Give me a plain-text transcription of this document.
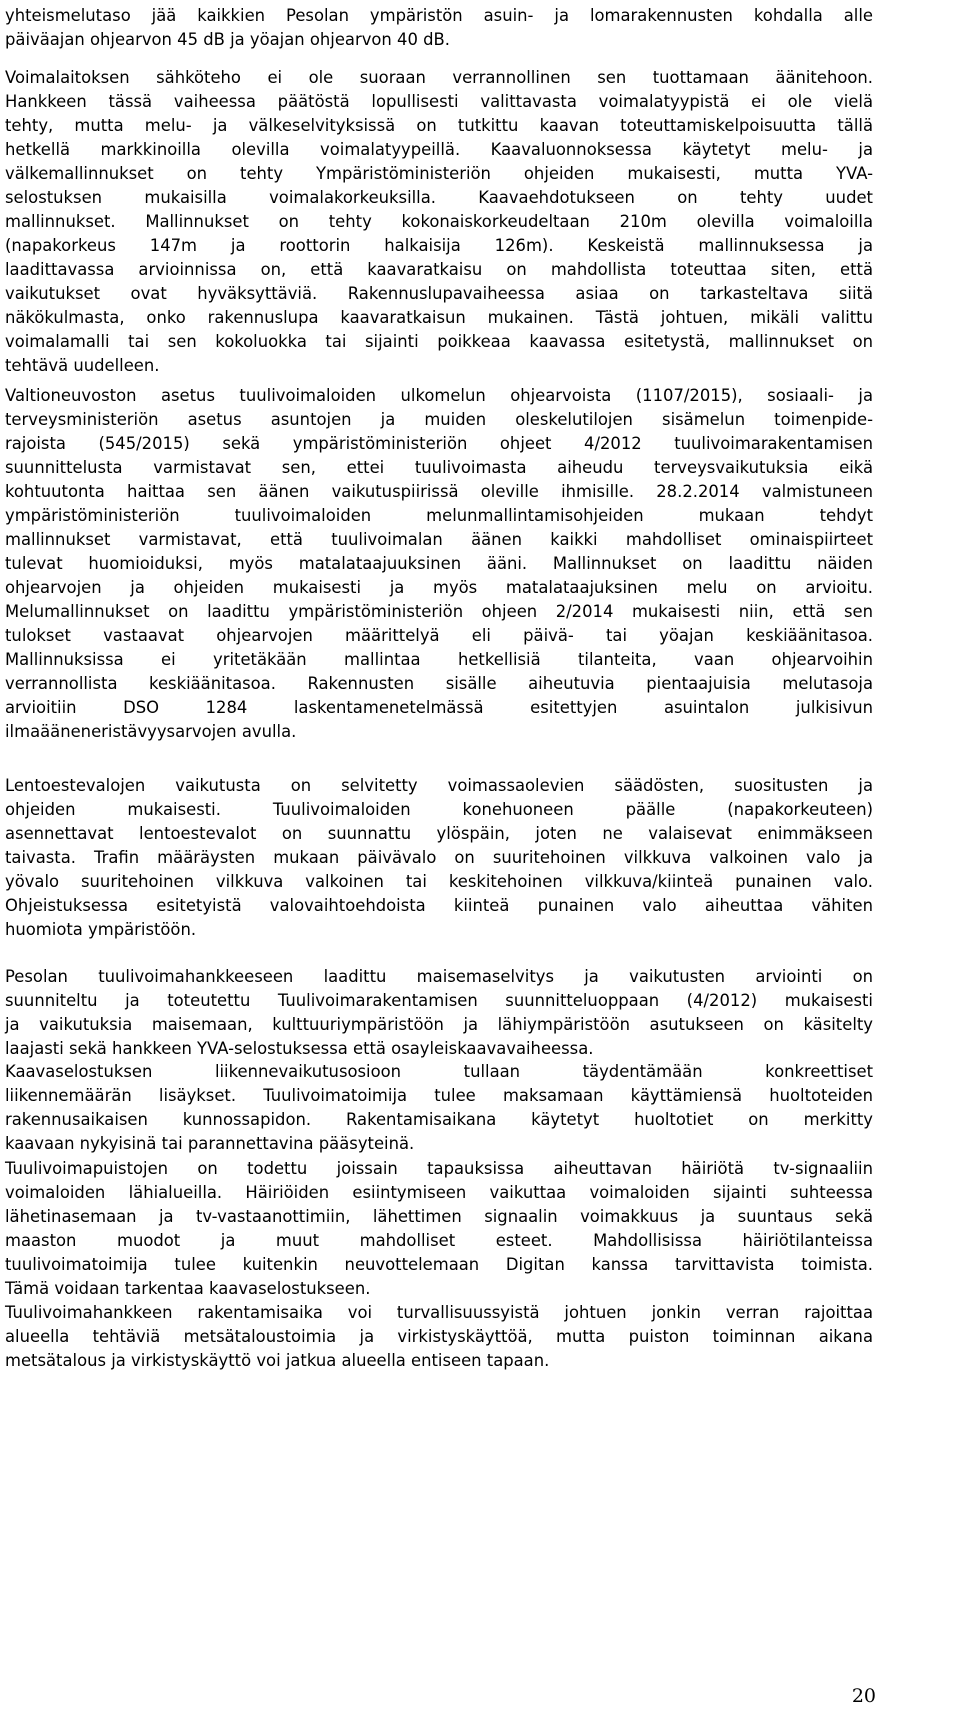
yhteismelutaso jää kaikkien Pesolan ympäristön asuin- ja lomarakennusten kohdalla alle
päiväajan ohjearvon 45 dB ja yöajan ohjearvon 40 dB.
Voimalaitoksen sähköteho ei ole suoraan verrannollinen sen tuottamaan äänitehoon.
Hankkeen tässä vaiheessa päätöstä lopullisesti valittavasta voimalatyypistä ei ole vielä
tehty, mutta melu- ja välkeselvityksissä on tutkittu kaavan toteuttamiskelpoisuutta tällä
hetkellä markkinoilla olevilla voimalatyypeillä. Kaavaluonnoksessa käytetyt melu- ja
välkemallinnukset on tehty Ympäristöministeriön ohjeiden mukaisesti, mutta YVA-
selostuksen mukaisilla voimalakorkeuksilla. Kaavaehdotukseen on tehty uudet
mallinnukset. Mallinnukset on tehty kokonaiskorkeudeltaan 210m olevilla voimaloilla
(napakorkeus 147m ja roottorin halkaisija 126m). Keskeistä mallinnuksessa ja
laadittavassa arvioinnissa on, että kaavaratkaisu on mahdollista toteuttaa siten, että
vaikutukset ovat hyväksyttäviä. Rakennuslupavaiheessa asiaa on tarkasteltava siitä
näkökulmasta, onko rakennuslupa kaavaratkaisun mukainen. Tästä johtuen, mikäli valittu
voimalamalli tai sen kokoluokka tai sijainti poikkeaa kaavassa esitetystä, mallinnukset on
tehtävä uudelleen.
Valtioneuvoston asetus tuulivoimaloiden ulkomelun ohjearvoista (1107/2015), sosiaali- ja
terveysministeriön asetus asuntojen ja muiden oleskelutilojen sisämelun toimenpide-
rajoista (545/2015) sekä ympäristöministeriön ohjeet 4/2012 tuulivoimarakentamisen
suunnittelusta varmistavat sen, ettei tuulivoimasta aiheudu terveysvaikutuksia eikä
kohtuutonta haittaa sen äänen vaikutuspiirissä oleville ihmisille. 28.2.2014 valmistuneen
ympäristöministeriön tuulivoimaloiden melunmallintamisohjeiden mukaan tehdyt
mallinnukset varmistavat, että tuulivoimalan äänen kaikki mahdolliset ominaispiirteet
tulevat huomioiduksi, myös matalataajuuksinen ääni. Mallinnukset on laadittu näiden
ohjearvojen ja ohjeiden mukaisesti ja myös matalataajuksinen melu on arvioitu.
Melumallinnukset on laadittu ympäristöministeriön ohjeen 2/2014 mukaisesti niin, että sen
tulokset vastaavat ohjearvojen määrittelyä eli päivä- tai yöajan keskiäänitasoa.
Mallinnuksissa ei yritetäkään mallintaa hetkellisiä tilanteita, vaan ohjearvoihin
verrannollista keskiäänitasoa. Rakennusten sisälle aiheutuvia pientaajuisia melutasoja
arvioitiin DSO 1284 laskentamenetelmässä esitettyjen asuintalon julkisivun
ilmaääneneristävyysarvojen avulla.
Lentoestevalojen vaikutusta on selvitetty voimassaolevien säädösten, suositusten ja
ohjeiden mukaisesti. Tuulivoimaloiden konehuoneen päälle (napakorkeuteen)
asennettavat lentoestevalot on suunnattu ylöspäin, joten ne valaisevat enimmäkseen
taivasta. Trafin määräysten mukaan päivävalo on suuritehoinen vilkkuva valkoinen valo ja
yövalo suuritehoinen vilkkuva valkoinen tai keskitehoinen vilkkuva/kiinteä punainen valo.
Ohjeistuksessa esitetyistä valovaihtoehdoista kiinteä punainen valo aiheuttaa vähiten
huomiota ympäristöön.
Pesolan tuulivoimahankkeeseen laadittu maisemaselvitys ja vaikutusten arviointi on
suunniteltu ja toteutettu Tuulivoimarakentamisen suunnitteluoppaan (4/2012) mukaisesti
ja vaikutuksia maisemaan, kulttuuriympäristöön ja lähiympäristöön asutukseen on käsitelty
laajasti sekä hankkeen YVA-selostuksessa että osayleiskaavavaiheessa.
Kaavaselostuksen liikennevaikutusosioon tullaan täydentämään konkreettiset
liikennemäärän lisäykset. Tuulivoimatoimija tulee maksamaan käyttämiensä huoltoteiden
rakennusaikaisen kunnossapidon. Rakentamisaikana käytetyt huoltotiet on merkitty
kaavaan nykyisinä tai parannettavina pääsyteinä.
Tuulivoimapuistojen on todettu joissain tapauksissa aiheuttavan häiriötä tv-signaaliin
voimaloiden lähialueilla. Häiriöiden esiintymiseen vaikuttaa voimaloiden sijainti suhteessa
lähetinasemaan ja tv-vastaanottimiin, lähettimen signaalin voimakkuus ja suuntaus sekä
maaston muodot ja muut mahdolliset esteet. Mahdollisissa häiriötilanteissa
tuulivoimatoimija tulee kuitenkin neuvottelemaan Digitan kanssa tarvittavista toimista.
Tämä voidaan tarkentaa kaavaselostukseen.
Tuulivoimahankkeen rakentamisaika voi turvallisuussyistä johtuen jonkin verran rajoittaa
alueella tehtäviä metsätaloustoimia ja virkistyskäyttöä, mutta puiston toiminnan aikana
metsätalous ja virkistyskäyttö voi jatkua alueella entiseen tapaan.
20
